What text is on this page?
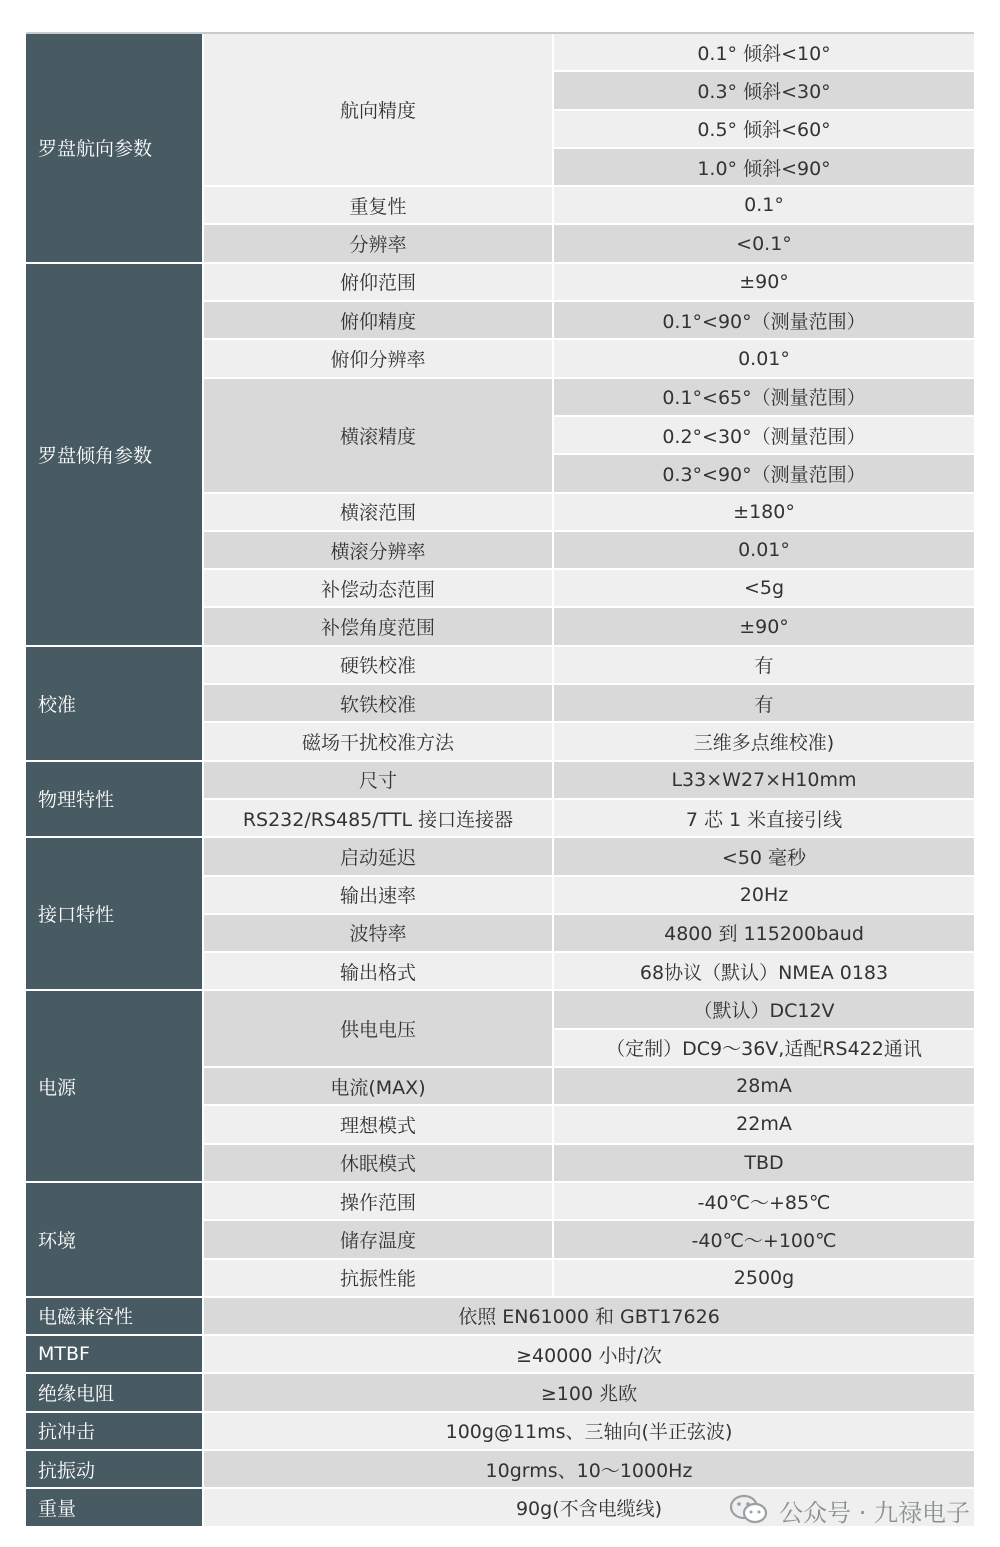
罗盘航向参数	航向精度	0.1° 倾斜<10°
		0.3° 倾斜<30°
		0.5° 倾斜<60°
		1.0° 倾斜<90°
	重复性	0.1°
	分辨率	<0.1°
罗盘倾角参数	俯仰范围	±90°
	俯仰精度	0.1°<90°（测量范围）
	俯仰分辨率	0.01°
	横滚精度	0.1°<65°（测量范围）
		0.2°<30°（测量范围）
		0.3°<90°（测量范围）
	横滚范围	±180°
	横滚分辨率	0.01°
	补偿动态范围	<5g
	补偿角度范围	±90°
校准	硬铁校准	有
	软铁校准	有
	磁场干扰校准方法	三维多点维校准)
物理特性	尺寸	L33×W27×H10mm
	RS232/RS485/TTL 接口连接器	7 芯 1 米直接引线
接口特性	启动延迟	<50 毫秒
	输出速率	20Hz
	波特率	4800 到 115200baud
	输出格式	68协议（默认）NMEA 0183
电源	供电电压	（默认）DC12V
		（定制）DC9～36V,适配RS422通讯
	电流(MAX)	28mA
	理想模式	22mA
	休眠模式	TBD
环境	操作范围	-40℃～+85℃
	储存温度	-40℃～+100℃
	抗振性能	2500g
电磁兼容性	依照 EN61000 和 GBT17626	
MTBF	≥40000 小时/次	
绝缘电阻	≥100 兆欧	
抗冲击	100g@11ms、三轴向(半正弦波)	
抗振动	10grms、10～1000Hz	
重量	90g(不含电缆线)		公众号 · 九禄电子
